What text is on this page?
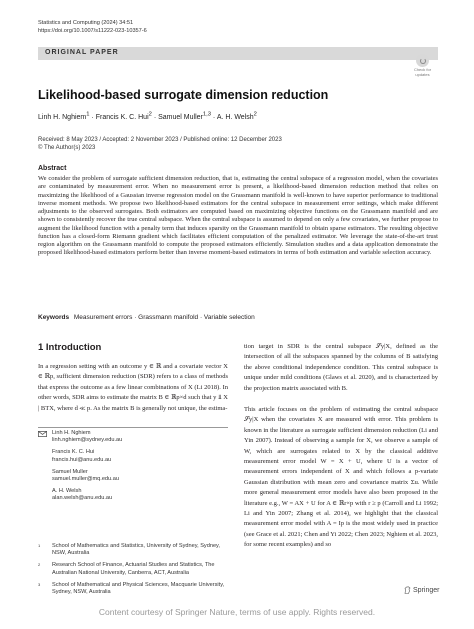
Statistics and Computing (2024) 34:51
https://doi.org/10.1007/s11222-023-10357-6
ORIGINAL PAPER
Check for
updates
Likelihood-based surrogate dimension reduction
Linh H. Nghiem$^1$ · Francis K. C. Hui$^2$ · Samuel Muller$^{1,3}$ · A. H. Welsh$^2$
Received: 8 May 2023 / Accepted: 2 November 2023 / Published online: 12 December 2023
© The Author(s) 2023
Abstract
We consider the problem of surrogate sufficient dimension reduction, that is, estimating the central subspace of a regression model, when the covariates are contaminated by measurement error. When no measurement error is present, a likelihood-based dimension reduction method that relies on maximizing the likelihood of a Gaussian inverse regression model on the Grassmann manifold is well-known to have superior performance to traditional inverse moment methods. We propose two likelihood-based estimators for the central subspace in measurement error settings, which make different adjustments to the observed surrogates. Both estimators are computed based on maximizing objective functions on the Grassmann manifold and are shown to consistently recover the true central subspace. When the central subspace is assumed to depend on only a few covariates, we further propose to augment the likelihood function with a penalty term that induces sparsity on the Grassmann manifold to obtain sparse estimators. The resulting objective function has a closed-form Riemann gradient which facilitates efficient computation of the penalized estimator. We leverage the state-of-the-art trust region algorithm on the Grassmann manifold to compute the proposed estimators efficiently. Simulation studies and a data application demonstrate the proposed likelihood-based estimators perform better than inverse moment-based estimators in terms of both estimation and variable selection accuracy.
Keywords Measurement errors · Grassmann manifold · Variable selection
1 Introduction
In a regression setting with an outcome y ∈ ℝ and a covariate vector X ∈ ℝp, sufficient dimension reduction (SDR) refers to a class of methods that express the outcome as a few linear combinations of X (Li 2018). In other words, SDR aims to estimate the matrix B ∈ ℝp×d such that y ⫫ X | BTX, where d ≪ p. As the matrix B is generally not unique, the estima-
Linh H. Nghiem
linh.nghiem@sydney.edu.au
Francis K. C. Hui
francis.hui@anu.edu.au
Samuel Muller
samuel.muller@mq.edu.au
A. H. Welsh
alan.welsh@anu.edu.au
1 School of Mathematics and Statistics, University of Sydney, Sydney, NSW, Australia
2 Research School of Finance, Actuarial Studies and Statistics, The Australian National University, Canberra, ACT, Australia
3 School of Mathematical and Physical Sciences, Macquarie University, Sydney, NSW, Australia
tion target in SDR is the central subspace 𝒮y|X, defined as the intersection of all the subspaces spanned by the columns of B satisfying the above conditional independence condition. This central subspace is unique under mild conditions (Glaws et al. 2020), and is characterized by the projection matrix associated with B.
This article focuses on the problem of estimating the central subspace 𝒮y|X when the covariates X are measured with error. This problem is known in the literature as surrogate sufficient dimension reduction (Li and Yin 2007). Instead of observing a sample for X, we observe a sample of W, which are surrogates related to X by the classical additive measurement error model W = X + U, where U is a vector of measurement errors independent of X and which follows a p-variate Gaussian distribution with mean zero and covariance matrix Σu. While more general measurement error models have also been proposed in the literature e.g., W = AX + U for A ∈ ℝr×p with r ≥ p (Carroll and Li 1992; Li and Yin 2007; Zhang et al. 2014), we highlight that the classical measurement error model with A = Ip is the most widely used in practice (see Grace et al. 2021; Chen and Yi 2022; Chen 2023; Nghiem et al. 2023, for some recent examples) and so
Springer
Content courtesy of Springer Nature, terms of use apply. Rights reserved.
